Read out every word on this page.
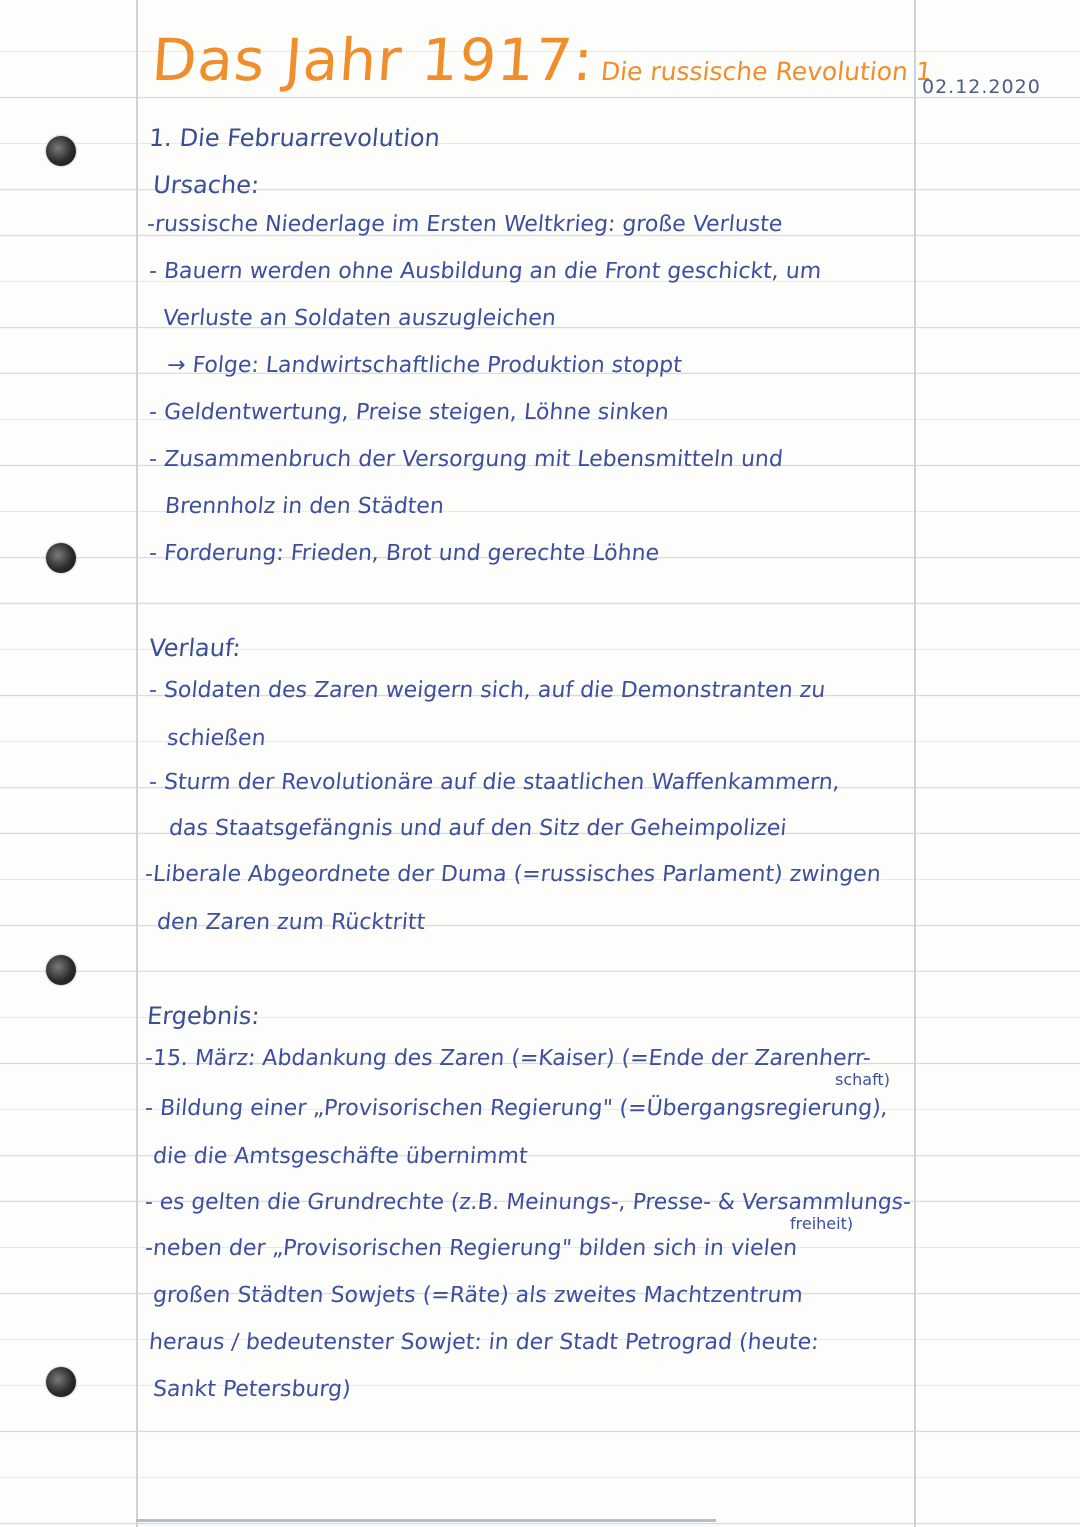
Das Jahr 1917: Die russische Revolution 1
02.12.2020
1. Die Februarrevolution
Ursache:
-russische Niederlage im Ersten Weltkrieg: große Verluste
- Bauern werden ohne Ausbildung an die Front geschickt, um
Verluste an Soldaten auszugleichen
→ Folge: Landwirtschaftliche Produktion stoppt
- Geldentwertung, Preise steigen, Löhne sinken
- Zusammenbruch der Versorgung mit Lebensmitteln und
Brennholz in den Städten
- Forderung: Frieden, Brot und gerechte Löhne
Verlauf:
- Soldaten des Zaren weigern sich, auf die Demonstranten zu
schießen
- Sturm der Revolutionäre auf die staatlichen Waffenkammern,
das Staatsgefängnis und auf den Sitz der Geheimpolizei
-Liberale Abgeordnete der Duma (=russisches Parlament) zwingen
den Zaren zum Rücktritt
Ergebnis:
-15. März: Abdankung des Zaren (=Kaiser) (=Ende der Zarenherr-
schaft)
- Bildung einer „Provisorischen Regierung" (=Übergangsregierung),
die die Amtsgeschäfte übernimmt
- es gelten die Grundrechte (z.B. Meinungs-, Presse- & Versammlungs-
freiheit)
-neben der „Provisorischen Regierung" bilden sich in vielen
großen Städten Sowjets (=Räte) als zweites Machtzentrum
heraus / bedeutenster Sowjet: in der Stadt Petrograd (heute:
Sankt Petersburg)
